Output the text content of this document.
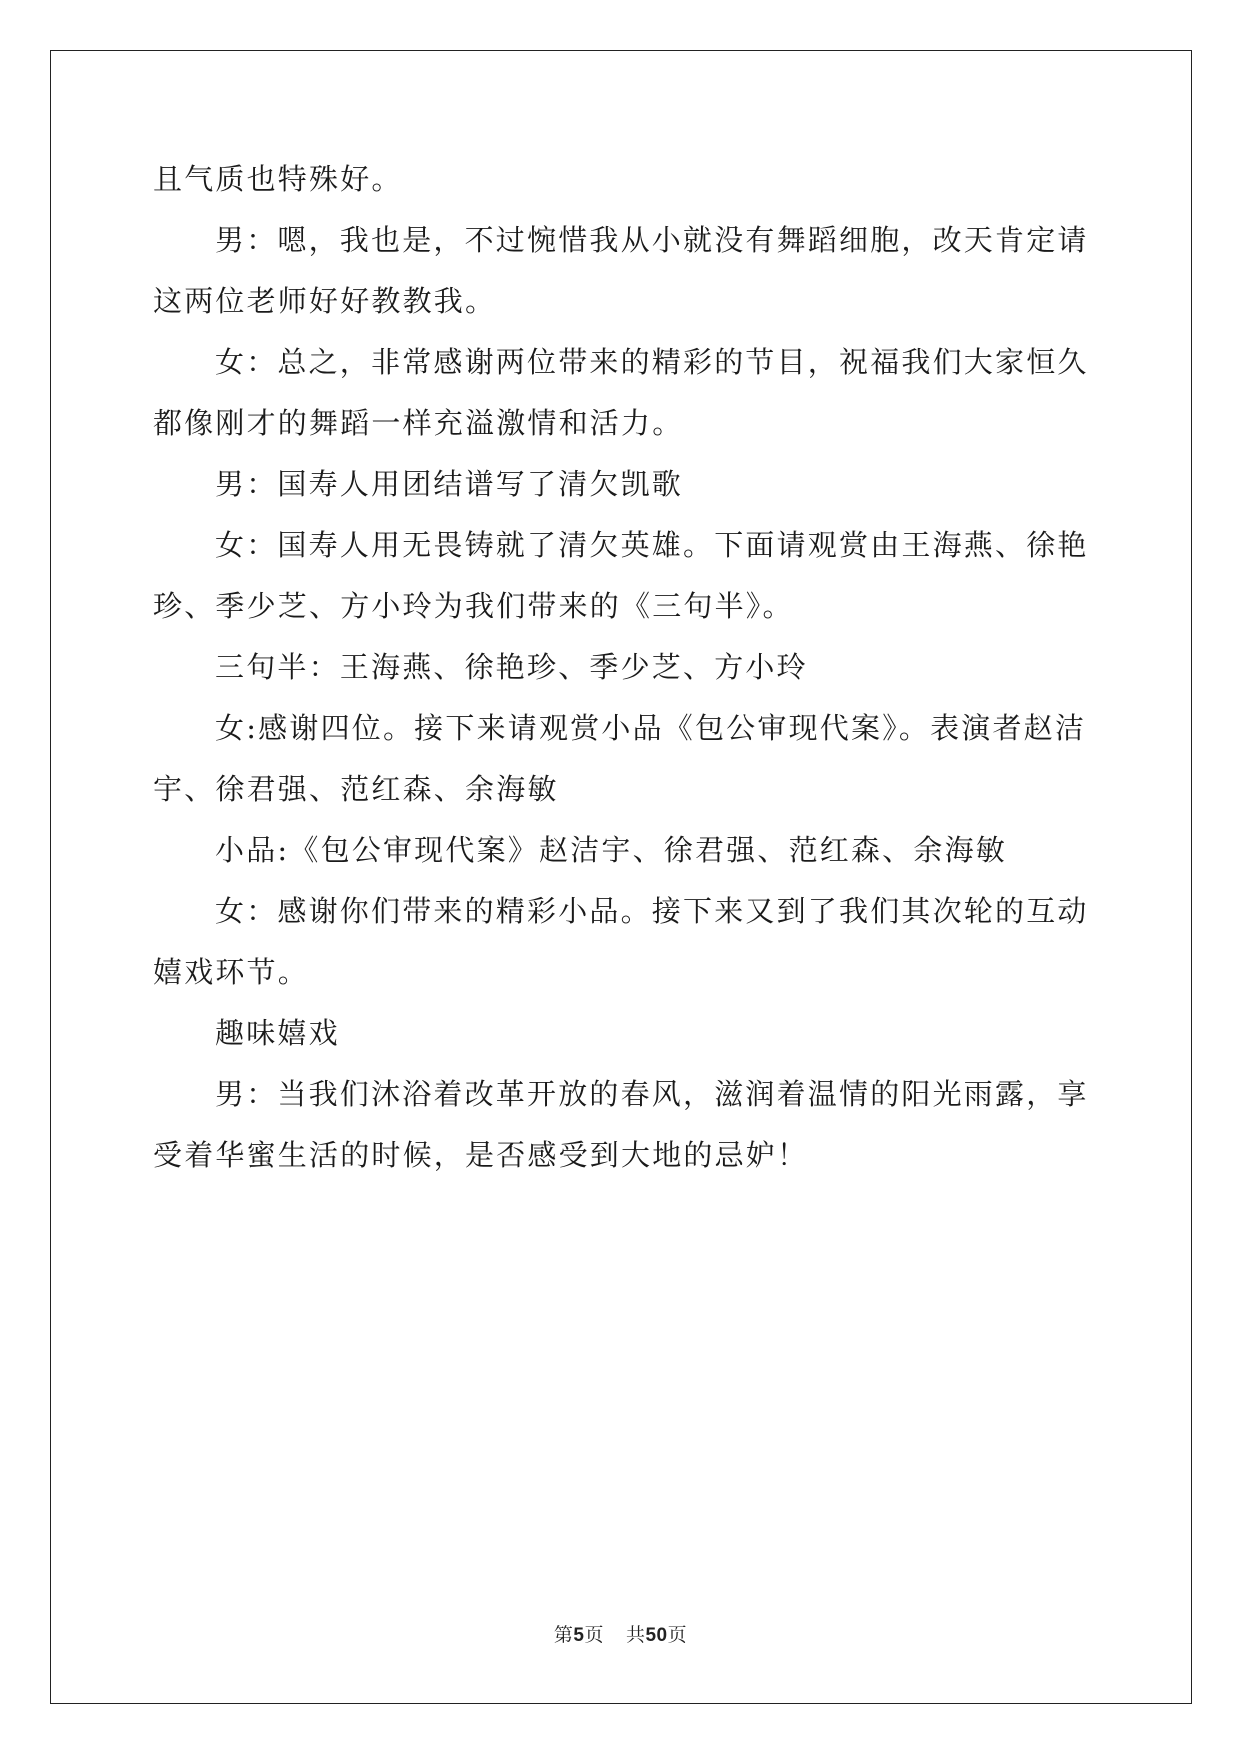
且气质也特殊好。
男：嗯，我也是，不过惋惜我从小就没有舞蹈细胞，改天肯定请
这两位老师好好教教我。
女：总之，非常感谢两位带来的精彩的节目，祝福我们大家恒久
都像刚才的舞蹈一样充溢激情和活力。
男：国寿人用团结谱写了清欠凯歌
女：国寿人用无畏铸就了清欠英雄。下面请观赏由王海燕、徐艳
珍、季少芝、方小玲为我们带来的《三句半》。
三句半：王海燕、徐艳珍、季少芝、方小玲
女:感谢四位。接下来请观赏小品《包公审现代案》。表演者赵洁
宇、徐君强、范红森、余海敏
小品:《包公审现代案》赵洁宇、徐君强、范红森、余海敏
女：感谢你们带来的精彩小品。接下来又到了我们其次轮的互动
嬉戏环节。
趣味嬉戏
男：当我们沐浴着改革开放的春风，滋润着温情的阳光雨露，享
受着华蜜生活的时候，是否感受到大地的忌妒！
第5页 共50页
